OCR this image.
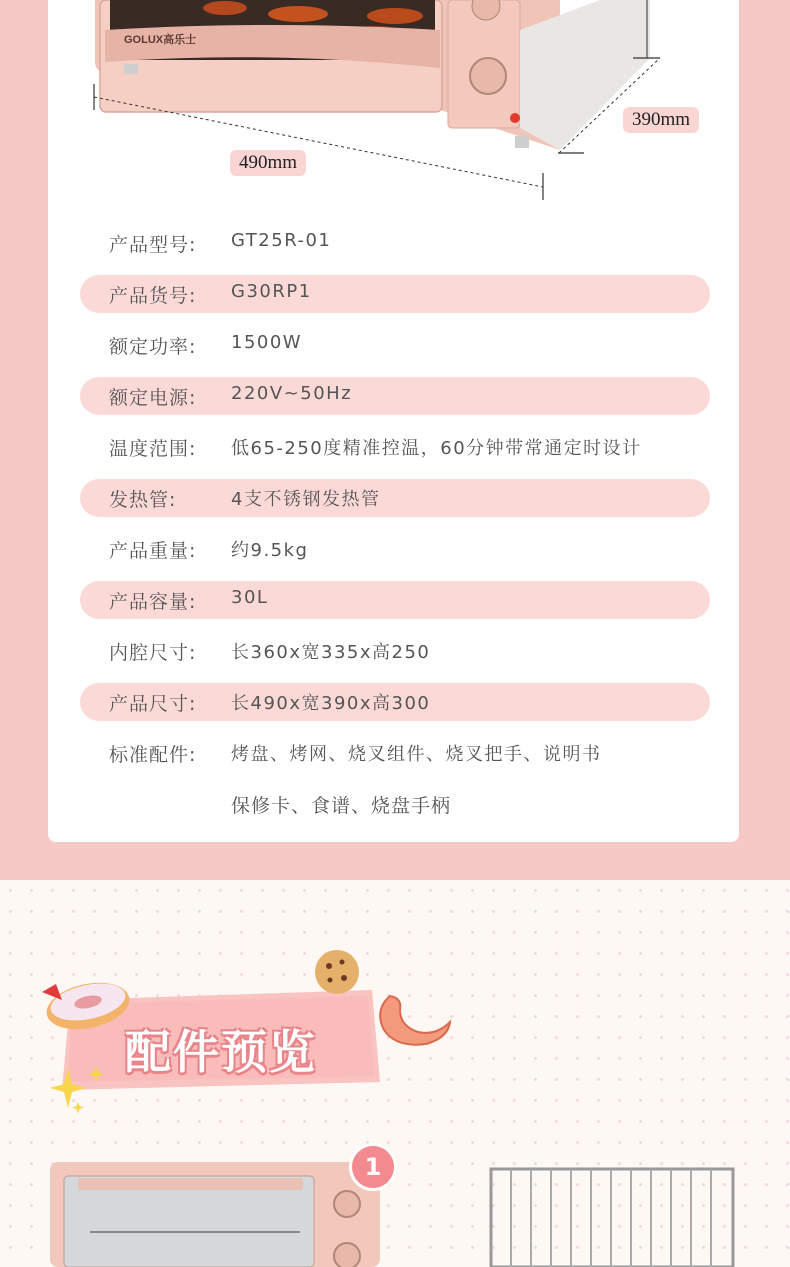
GOLUX高乐士
490mm
390mm
产品型号: GT25R-01
产品货号: G30RP1
额定功率: 1500W
额定电源: 220V~50Hz
温度范围: 低65-250度精准控温，60分钟带常通定时设计
发热管:	4支不锈钢发热管
产品重量: 约9.5kg
产品容量: 30L
内腔尺寸: 长360x宽335x高250
产品尺寸: 长490x宽390x高300
标准配件: 烤盘、烤网、烧叉组件、烧叉把手、说明书
保修卡、食谱、烧盘手柄
配件预览
1
